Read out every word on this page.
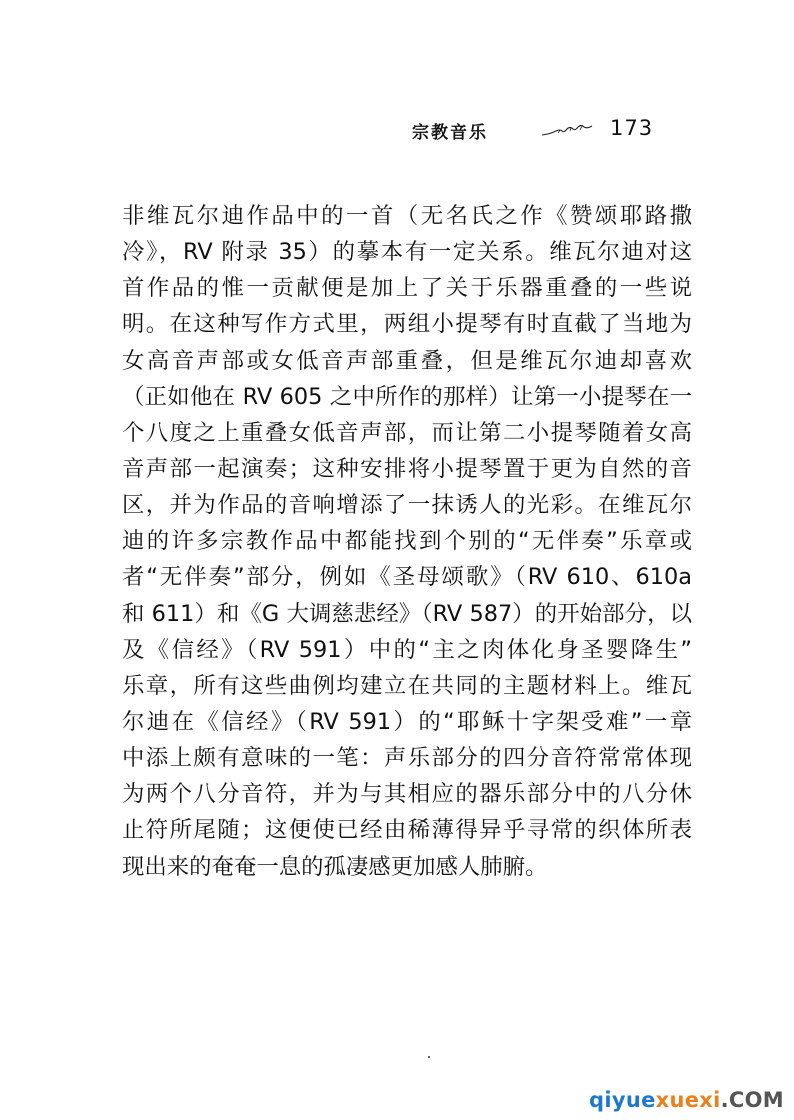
宗教音乐	173
非维瓦尔迪作品中的一首（无名氏之作《赞颂耶路撒
冷》，RV 附录 35）的摹本有一定关系。维瓦尔迪对这
首作品的惟一贡献便是加上了关于乐器重叠的一些说
明。在这种写作方式里，两组小提琴有时直截了当地为
女高音声部或女低音声部重叠，但是维瓦尔迪却喜欢
（正如他在 RV 605 之中所作的那样）让第一小提琴在一
个八度之上重叠女低音声部，而让第二小提琴随着女高
音声部一起演奏；这种安排将小提琴置于更为自然的音
区，并为作品的音响增添了一抹诱人的光彩。在维瓦尔
迪的许多宗教作品中都能找到个别的“无伴奏”乐章或
者“无伴奏”部分，例如《圣母颂歌》（RV 610、610a
和 611）和《G 大调慈悲经》（RV 587）的开始部分，以
及《信经》（RV 591）中的“主之肉体化身圣婴降生”
乐章，所有这些曲例均建立在共同的主题材料上。维瓦
尔迪在《信经》（RV 591）的“耶稣十字架受难”一章
中添上颇有意味的一笔：声乐部分的四分音符常常体现
为两个八分音符，并为与其相应的器乐部分中的八分休
止符所尾随；这便使已经由稀薄得异乎寻常的织体所表
现出来的奄奄一息的孤凄感更加感人肺腑。
qiyuexuexi.COM
